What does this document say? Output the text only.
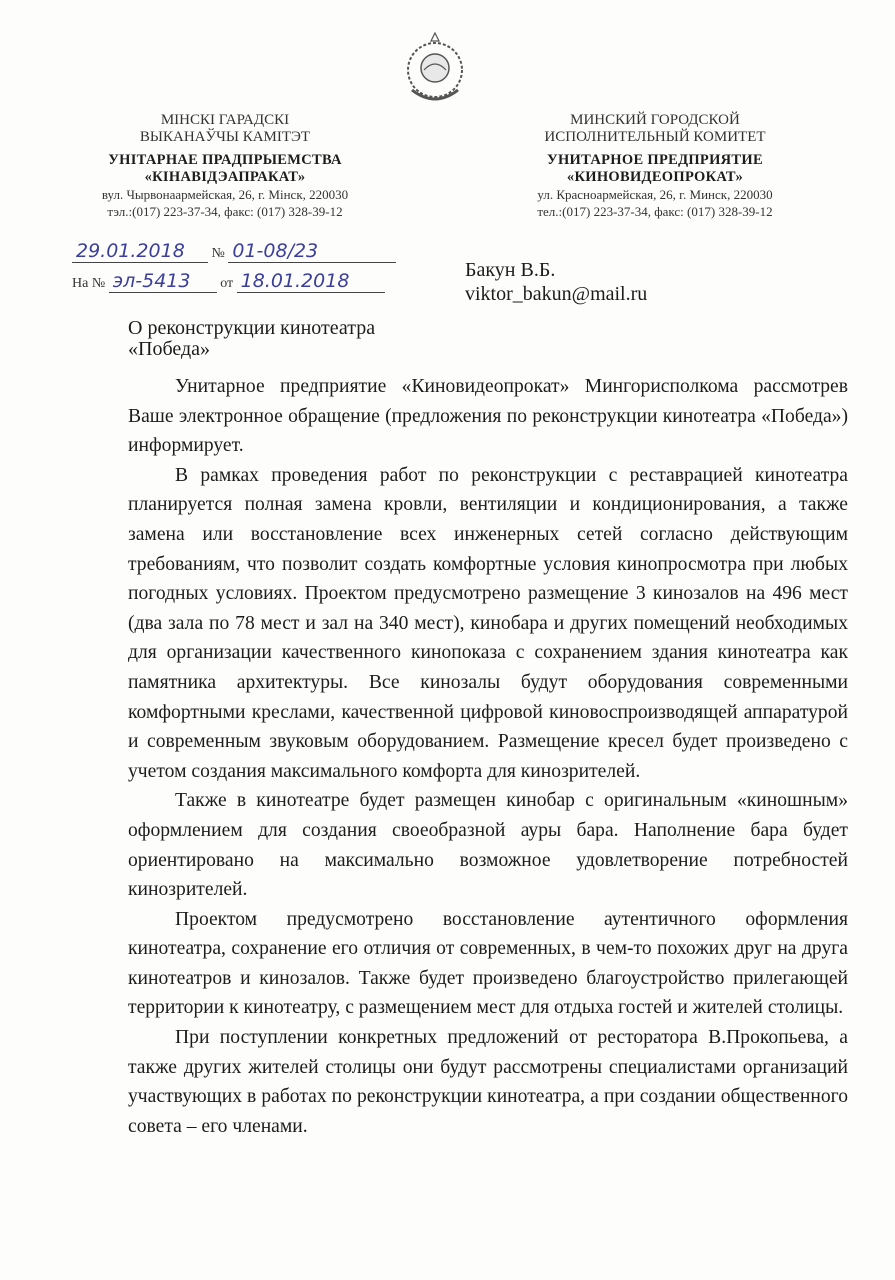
МІНСКІ ГАРАДСКІ
ВЫКАНАЎЧЫ КАМІТЭТ
УНІТАРНАЕ ПРАДПРЫЕМСТВА
«КІНАВІДЭАПРАКАТ»
вул. Чырвонаармейская, 26, г. Мінск, 220030
тэл.:(017) 223-37-34, факс: (017) 328-39-12
МИНСКИЙ ГОРОДСКОЙ
ИСПОЛНИТЕЛЬНЫЙ КОМИТЕТ
УНИТАРНОЕ ПРЕДПРИЯТИЕ
«КИНОВИДЕОПРОКАТ»
ул. Красноармейская, 26, г. Минск, 220030
тел.:(017) 223-37-34, факс: (017) 328-39-12
29.01.2018 № 01-08/23
На № эл-5413 от 18.01.2018	Бакун В.Б.
viktor_bakun@mail.ru
О реконструкции кинотеатра
«Победа»

Унитарное предприятие «Киновидеопрокат» Мингорисполкома рассмотрев Ваше электронное обращение (предложения по реконструкции кинотеатра «Победа») информирует.

В рамках проведения работ по реконструкции с реставрацией кинотеатра планируется полная замена кровли, вентиляции и кондиционирования, а также замена или восстановление всех инженерных сетей согласно действующим требованиям, что позволит создать комфортные условия кинопросмотра при любых погодных условиях. Проектом предусмотрено размещение 3 кинозалов на 496 мест (два зала по 78 мест и зал на 340 мест), кинобара и других помещений необходимых для организации качественного кинопоказа с сохранением здания кинотеатра как памятника архитектуры. Все кинозалы будут оборудования современными комфортными креслами, качественной цифровой киновоспроизводящей аппаратурой и современным звуковым оборудованием. Размещение кресел будет произведено с учетом создания максимального комфорта для кинозрителей.

Также в кинотеатре будет размещен кинобар с оригинальным «киношным» оформлением для создания своеобразной ауры бара. Наполнение бара будет ориентировано на максимально возможное удовлетворение потребностей кинозрителей.

Проектом предусмотрено восстановление аутентичного оформления кинотеатра, сохранение его отличия от современных, в чем-то похожих друг на друга кинотеатров и кинозалов. Также будет произведено благоустройство прилегающей территории к кинотеатру, с размещением мест для отдыха гостей и жителей столицы.

При поступлении конкретных предложений от ресторатора В.Прокопьева, а также других жителей столицы они будут рассмотрены специалистами организаций участвующих в работах по реконструкции кинотеатра, а при создании общественного совета – его членами.
